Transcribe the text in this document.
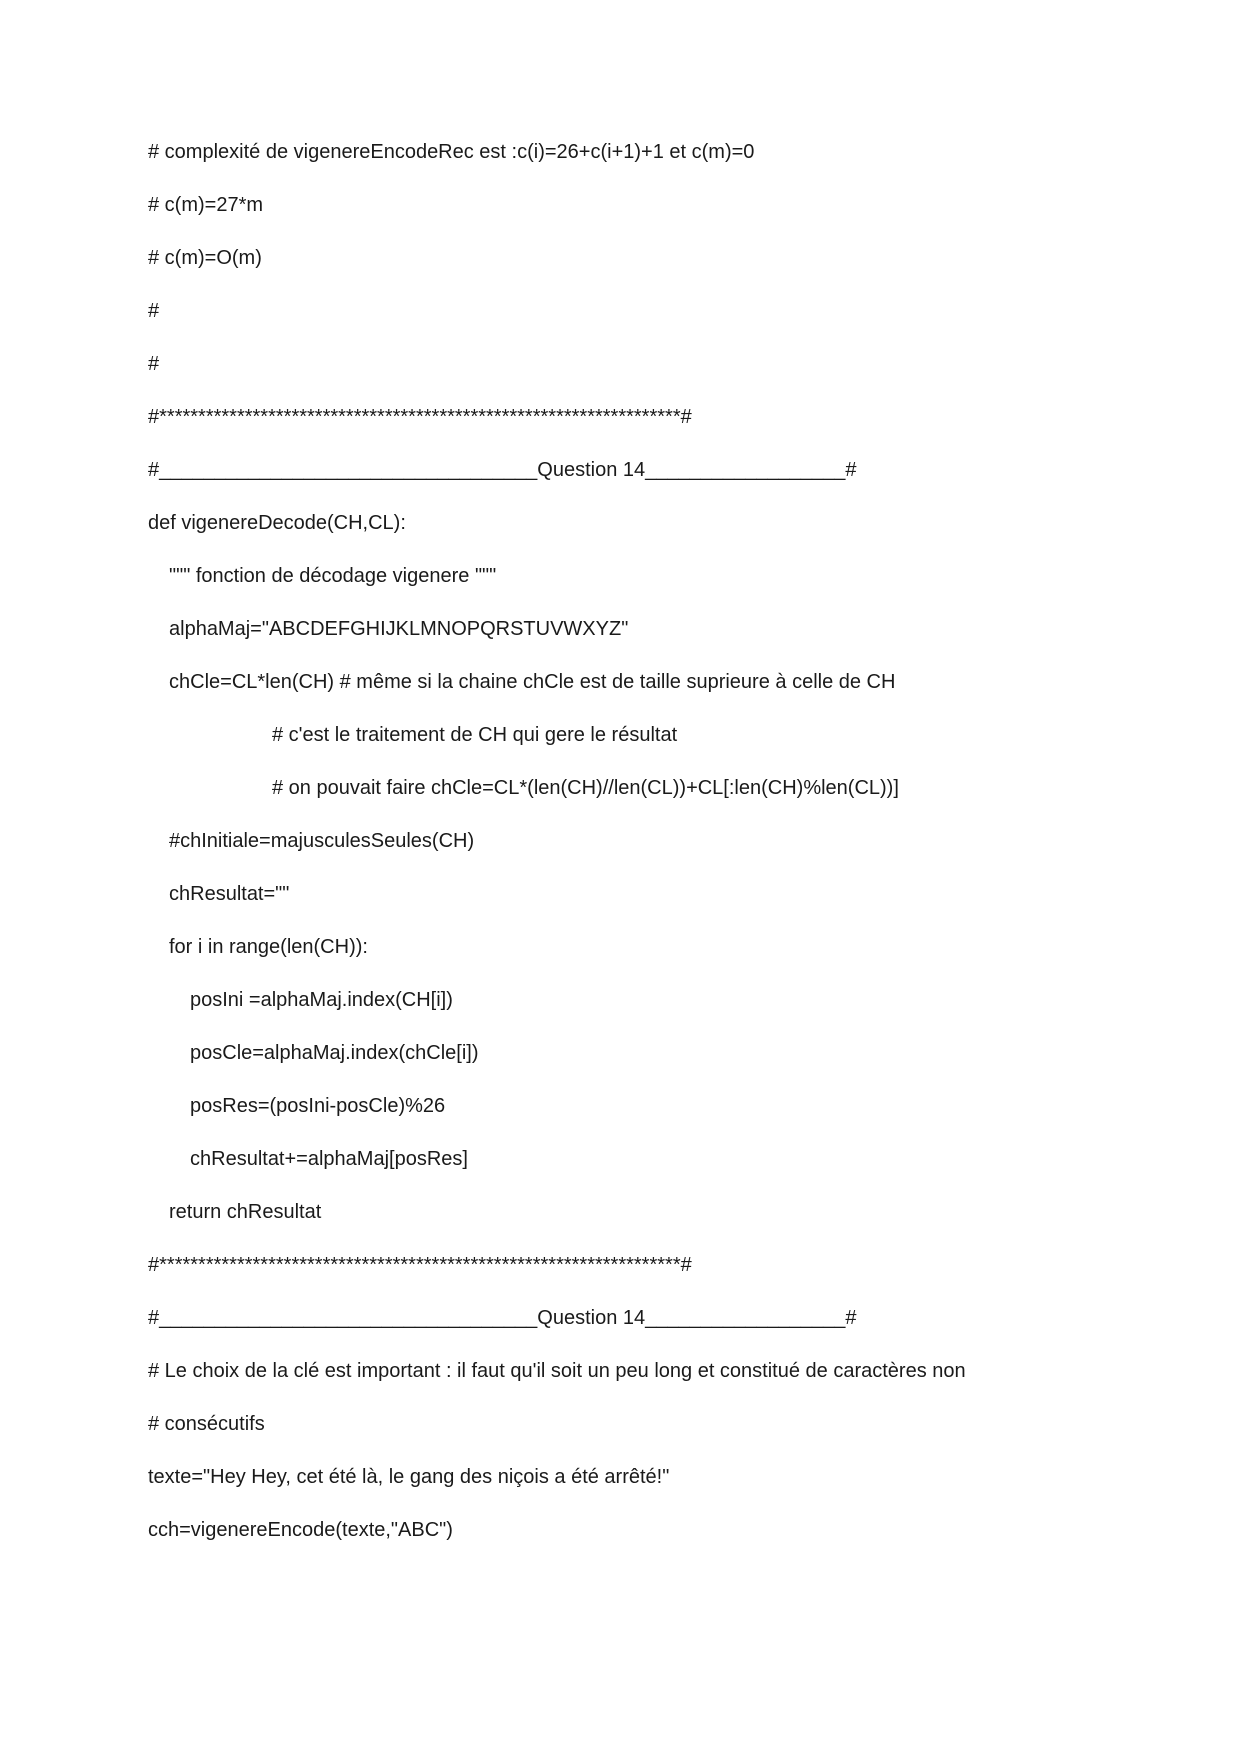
# complexité de vigenereEncodeRec est :c(i)=26+c(i+1)+1 et c(m)=0
# c(m)=27*m
# c(m)=O(m)
#
#
#*******************************************************************#
#__________________________________Question 14__________________#
def vigenereDecode(CH,CL):
""" fonction de décodage vigenere """
alphaMaj="ABCDEFGHIJKLMNOPQRSTUVWXYZ"
chCle=CL*len(CH) # même si la chaine chCle est de taille suprieure à celle de CH
# c'est le traitement de CH qui gere le résultat
# on pouvait faire chCle=CL*(len(CH)//len(CL))+CL[:len(CH)%len(CL))]
#chInitiale=majusculesSeules(CH)
chResultat=""
for i in range(len(CH)):
posIni =alphaMaj.index(CH[i])
posCle=alphaMaj.index(chCle[i])
posRes=(posIni-posCle)%26
chResultat+=alphaMaj[posRes]
return chResultat
#*******************************************************************#
#__________________________________Question 14__________________#
# Le choix de la clé est important : il faut qu'il soit un peu long et constitué de caractères non
# consécutifs
texte="Hey Hey, cet été là, le gang des niçois a été arrêté!"
cch=vigenereEncode(texte,"ABC")
